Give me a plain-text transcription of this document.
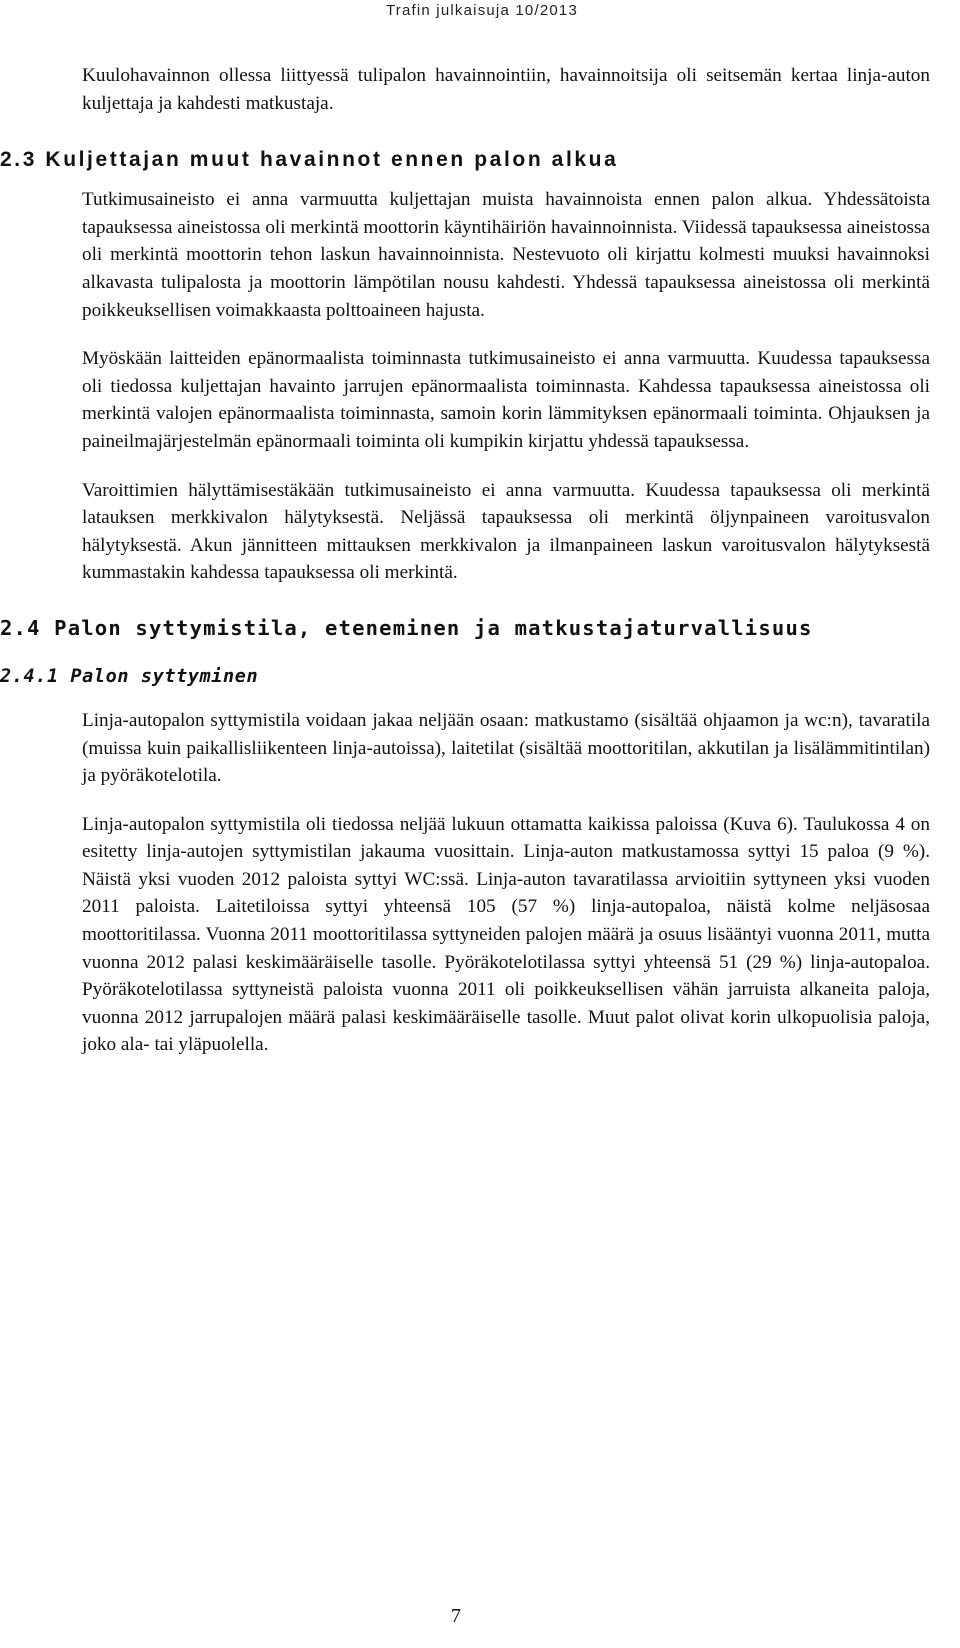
Trafin julkaisuja 10/2013

Kuulohavainnon ollessa liittyessä tulipalon havainnointiin, havainnoitsija oli seitsemän kertaa linja-auton kuljettaja ja kahdesti matkustaja.

2.3 Kuljettajan muut havainnot ennen palon alkua

Tutkimusaineisto ei anna varmuutta kuljettajan muista havainnoista ennen palon alkua. Yhdessätoista tapauksessa aineistossa oli merkintä moottorin käyntihäiriön havainnoinnista. Viidessä tapauksessa aineistossa oli merkintä moottorin tehon laskun havainnoinnista. Nestevuoto oli kirjattu kolmesti muuksi havainnoksi alkavasta tulipalosta ja moottorin lämpötilan nousu kahdesti. Yhdessä tapauksessa aineistossa oli merkintä poikkeuksellisen voimakkaasta polttoaineen hajusta.

Myöskään laitteiden epänormaalista toiminnasta tutkimusaineisto ei anna varmuutta. Kuudessa tapauksessa oli tiedossa kuljettajan havainto jarrujen epänormaalista toiminnasta. Kahdessa tapauksessa aineistossa oli merkintä valojen epänormaalista toiminnasta, samoin korin lämmityksen epänormaali toiminta. Ohjauksen ja paineilmajärjestelmän epänormaali toiminta oli kumpikin kirjattu yhdessä tapauksessa.

Varoittimien hälyttämisestäkään tutkimusaineisto ei anna varmuutta. Kuudessa tapauksessa oli merkintä latauksen merkkivalon hälytyksestä. Neljässä tapauksessa oli merkintä öljynpaineen varoitusvalon hälytyksestä. Akun jännitteen mittauksen merkkivalon ja ilmanpaineen laskun varoitusvalon hälytyksestä kummastakin kahdessa tapauksessa oli merkintä.

2.4 Palon syttymistila, eteneminen ja matkustajaturvallisuus
2.4.1 Palon syttyminen

Linja-autopalon syttymistila voidaan jakaa neljään osaan: matkustamo (sisältää ohjaamon ja wc:n), tavaratila (muissa kuin paikallisliikenteen linja-autoissa), laitetilat (sisältää moottoritilan, akkutilan ja lisälämmitintilan) ja pyöräkotelotila.

Linja-autopalon syttymistila oli tiedossa neljää lukuun ottamatta kaikissa paloissa (Kuva 6). Taulukossa 4 on esitetty linja-autojen syttymistilan jakauma vuosittain. Linja-auton matkustamossa syttyi 15 paloa (9 %). Näistä yksi vuoden 2012 paloista syttyi WC:ssä. Linja-auton tavaratilassa arvioitiin syttyneen yksi vuoden 2011 paloista. Laitetiloissa syttyi yhteensä 105 (57 %) linja-autopaloa, näistä kolme neljäsosaa moottoritilassa. Vuonna 2011 moottoritilassa syttyneiden palojen määrä ja osuus lisääntyi vuonna 2011, mutta vuonna 2012 palasi keskimääräiselle tasolle. Pyöräkotelotilassa syttyi yhteensä 51 (29 %) linja-autopaloa. Pyöräkotelotilassa syttyneistä paloista vuonna 2011 oli poikkeuksellisen vähän jarruista alkaneita paloja, vuonna 2012 jarrupalojen määrä palasi keskimääräiselle tasolle. Muut palot olivat korin ulkopuolisia paloja, joko ala- tai yläpuolella.

7
